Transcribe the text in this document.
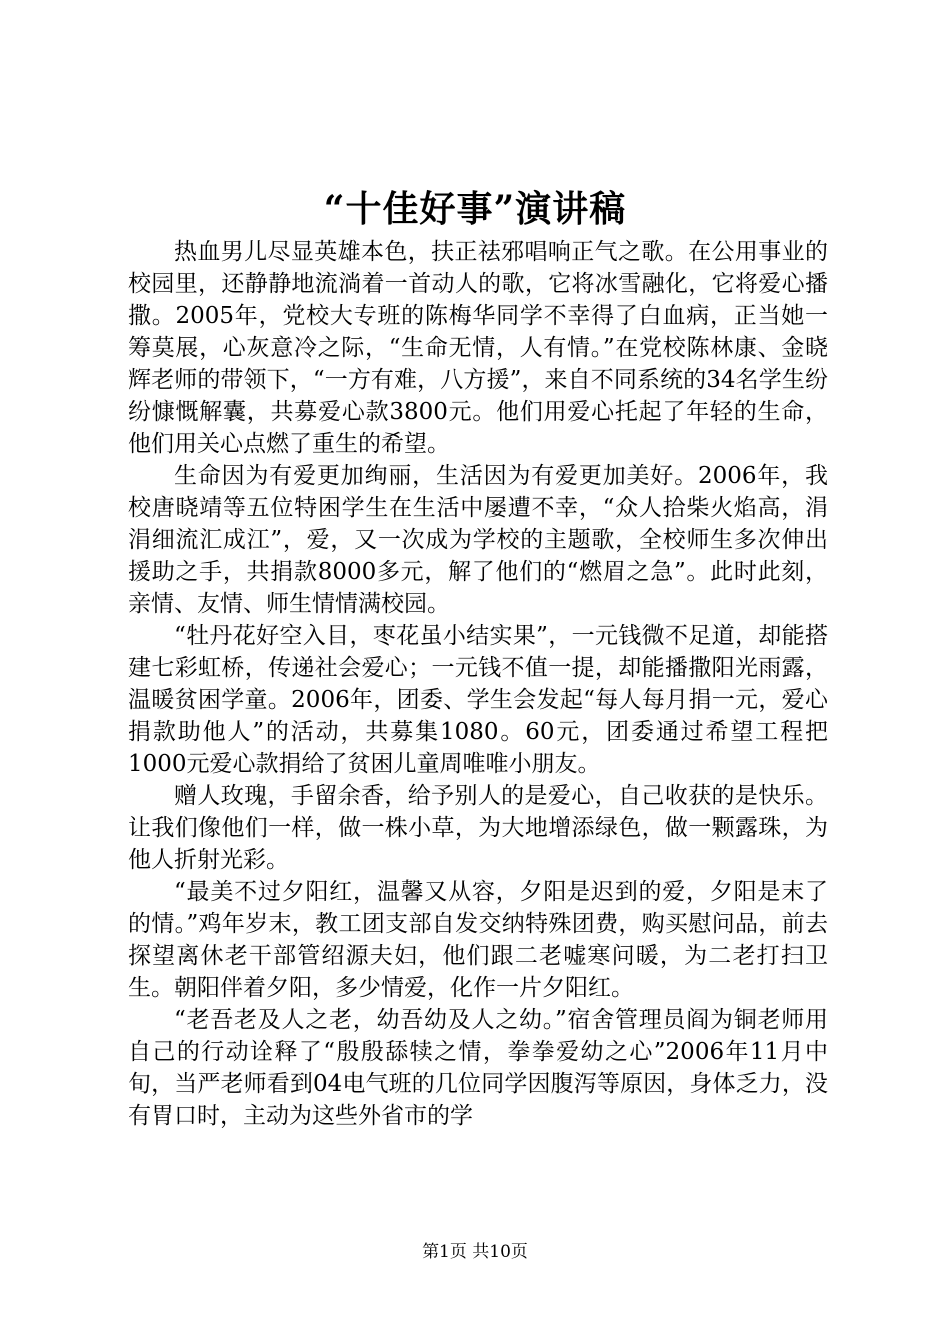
“十佳好事”演讲稿

热血男儿尽显英雄本色，扶正祛邪唱响正气之歌。在公用事业的校园里，还静静地流淌着一首动人的歌，它将冰雪融化，它将爱心播撒。2005年，党校大专班的陈梅华同学不幸得了白血病，正当她一筹莫展，心灰意冷之际，“生命无情，人有情。”在党校陈林康、金晓辉老师的带领下，“一方有难，八方援”，来自不同系统的34名学生纷纷慷慨解囊，共募爱心款3800元。他们用爱心托起了年轻的生命，他们用关心点燃了重生的希望。

生命因为有爱更加绚丽，生活因为有爱更加美好。2006年，我校唐晓靖等五位特困学生在生活中屡遭不幸，“众人拾柴火焰高，涓涓细流汇成江”，爱，又一次成为学校的主题歌，全校师生多次伸出援助之手，共捐款8000多元，解了他们的“燃眉之急”。此时此刻，亲情、友情、师生情情满校园。

“牡丹花好空入目，枣花虽小结实果”，一元钱微不足道，却能搭建七彩虹桥，传递社会爱心；一元钱不值一提，却能播撒阳光雨露，温暖贫困学童。2006年，团委、学生会发起“每人每月捐一元，爱心捐款助他人”的活动，共募集1080。60元，团委通过希望工程把1000元爱心款捐给了贫困儿童周唯唯小朋友。

赠人玫瑰，手留余香，给予别人的是爱心，自己收获的是快乐。让我们像他们一样，做一株小草，为大地增添绿色，做一颗露珠，为他人折射光彩。

“最美不过夕阳红，温馨又从容，夕阳是迟到的爱，夕阳是末了的情。”鸡年岁末，教工团支部自发交纳特殊团费，购买慰问品，前去探望离休老干部管绍源夫妇，他们跟二老嘘寒问暖，为二老打扫卫生。朝阳伴着夕阳，多少情爱，化作一片夕阳红。

“老吾老及人之老，幼吾幼及人之幼。”宿舍管理员阎为铜老师用自己的行动诠释了“殷殷舔犊之情，拳拳爱幼之心”2006年11月中旬，当严老师看到04电气班的几位同学因腹泻等原因，身体乏力，没有胃口时，主动为这些外省市的学

第1页 共10页
